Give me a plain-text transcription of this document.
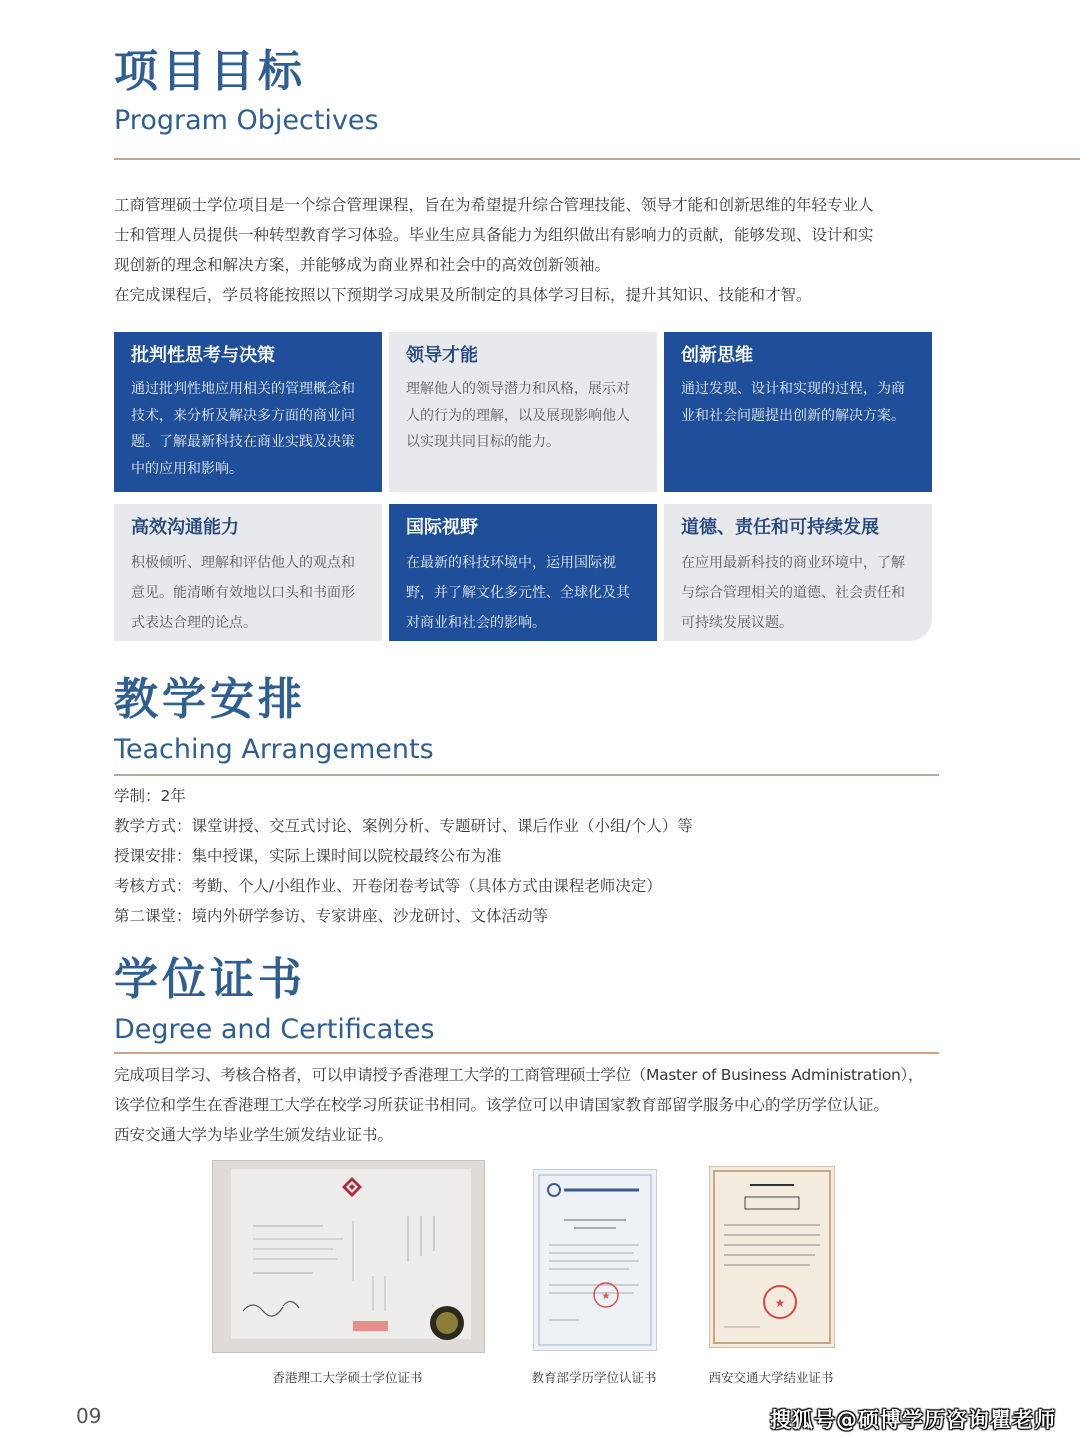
项目目标
Program Objectives

工商管理硕士学位项目是一个综合管理课程，旨在为希望提升综合管理技能、领导才能和创新思维的年轻专业人

士和管理人员提供一种转型教育学习体验。毕业生应具备能力为组织做出有影响力的贡献，能够发现、设计和实

现创新的理念和解决方案，并能够成为商业界和社会中的高效创新领袖。

在完成课程后，学员将能按照以下预期学习成果及所制定的具体学习目标，提升其知识、技能和才智。

批判性思考与决策
通过批判性地应用相关的管理概念和
技术，来分析及解决多方面的商业问
题。了解最新科技在商业实践及决策
中的应用和影响。
领导才能
理解他人的领导潜力和风格，展示对
人的行为的理解，以及展现影响他人
以实现共同目标的能力。
创新思维
通过发现、设计和实现的过程，为商
业和社会问题提出创新的解决方案。
高效沟通能力
积极倾听、理解和评估他人的观点和
意见。能清晰有效地以口头和书面形
式表达合理的论点。
国际视野
在最新的科技环境中，运用国际视
野，并了解文化多元性、全球化及其
对商业和社会的影响。
道德、责任和可持续发展
在应用最新科技的商业环境中，了解
与综合管理相关的道德、社会责任和
可持续发展议题。
教学安排
Teaching Arrangements
学制：2年
教学方式：课堂讲授、交互式讨论、案例分析、专题研讨、课后作业（小组/个人）等
授课安排：集中授课，实际上课时间以院校最终公布为准
考核方式：考勤、个人/小组作业、开卷闭卷考试等（具体方式由课程老师决定）
第二课堂：境内外研学参访、专家讲座、沙龙研讨、文体活动等
学位证书
Degree and Certificates

完成项目学习、考核合格者，可以申请授予香港理工大学的工商管理硕士学位（Master of Business Administration），

该学位和学生在香港理工大学在校学习所获证书相同。该学位可以申请国家教育部留学服务中心的学历学位认证。

西安交通大学为毕业学生颁发结业证书。

香港理工大学硕士学位证书
★
教育部学历学位认证书
★
西安交通大学结业证书
09	搜狐号@硕博学历咨询瞿老师
